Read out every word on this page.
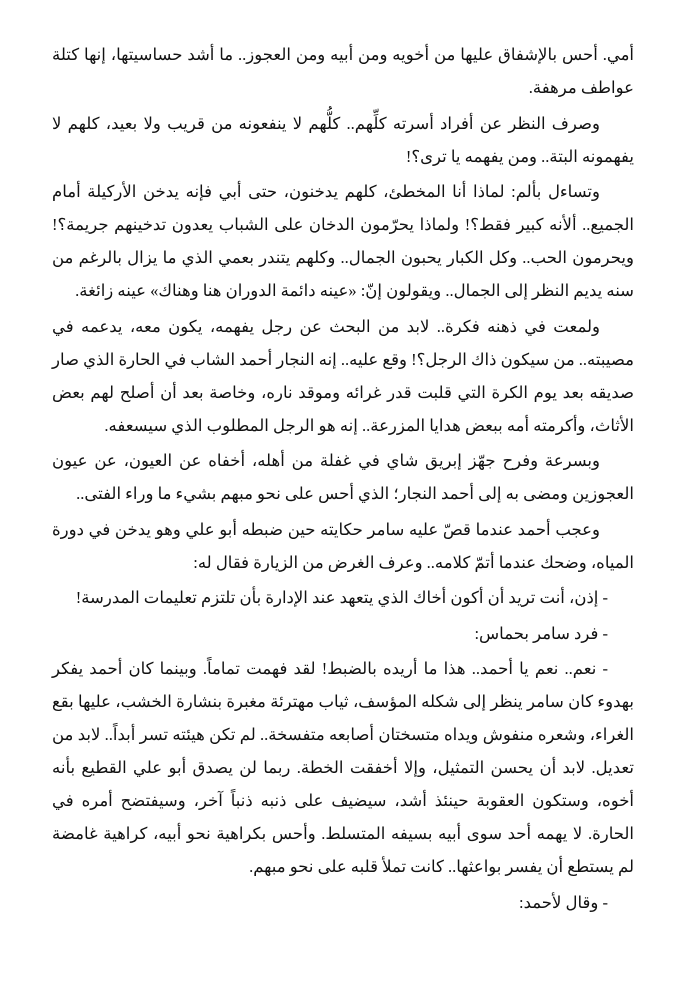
أمي. أحس بالإشفاق عليها من أخويه ومن أبيه ومن العجوز.. ما أشد حساسيتها، إنها كتلة عواطف مرهفة.

وصرف النظر عن أفراد أسرته كلِّهم.. كلُّهم لا ينفعونه من قريب ولا بعيد، كلهم لا يفهمونه البتة.. ومن يفهمه يا ترى؟!

وتساءل بألم: لماذا أنا المخطئ، كلهم يدخنون، حتى أبي فإنه يدخن الأركيلة أمام الجميع.. ألأنه كبير فقط؟! ولماذا يحرّمون الدخان على الشباب يعدون تدخينهم جريمة؟! ويحرمون الحب.. وكل الكبار يحبون الجمال.. وكلهم يتندر بعمي الذي ما يزال بالرغم من سنه يديم النظر إلى الجمال.. ويقولون إنّ: «عينه دائمة الدوران هنا وهناك» عينه زائغة.

ولمعت في ذهنه فكرة.. لابد من البحث عن رجل يفهمه، يكون معه، يدعمه في مصيبته.. من سيكون ذاك الرجل؟! وقع عليه.. إنه النجار أحمد الشاب في الحارة الذي صار صديقه بعد يوم الكرة التي قلبت قدر غرائه وموقد ناره، وخاصة بعد أن أصلح لهم بعض الأثاث، وأكرمته أمه ببعض هدايا المزرعة.. إنه هو الرجل المطلوب الذي سيسعفه.

وبسرعة وفرح جهّز إبريق شاي في غفلة من أهله، أخفاه عن العيون، عن عيون العجوزين ومضى به إلى أحمد النجار؛ الذي أحس على نحو مبهم بشيء ما وراء الفتى..

وعجب أحمد عندما قصّ عليه سامر حكايته حين ضبطه أبو علي وهو يدخن في دورة المياه، وضحك عندما أتمّ كلامه.. وعرف الغرض من الزيارة فقال له:

- إذن، أنت تريد أن أكون أخاك الذي يتعهد عند الإدارة بأن تلتزم تعليمات المدرسة!

- فرد سامر بحماس:

- نعم.. نعم يا أحمد.. هذا ما أريده بالضبط! لقد فهمت تماماً. وبينما كان أحمد يفكر بهدوء كان سامر ينظر إلى شكله المؤسف، ثياب مهترئة مغبرة بنشارة الخشب، عليها بقع الغراء، وشعره منفوش ويداه متسختان أصابعه متفسخة.. لم تكن هيئته تسر أبداً.. لابد من تعديل. لابد أن يحسن التمثيل، وإلا أخفقت الخطة. ربما لن يصدق أبو علي القطيع بأنه أخوه، وستكون العقوبة حينئذ أشد، سيضيف على ذنبه ذنباً آخر، وسيفتضح أمره في الحارة. لا يهمه أحد سوى أبيه بسيفه المتسلط. وأحس بكراهية نحو أبيه، كراهية غامضة لم يستطع أن يفسر بواعثها.. كانت تملأ قلبه على نحو مبهم.

- وقال لأحمد:
